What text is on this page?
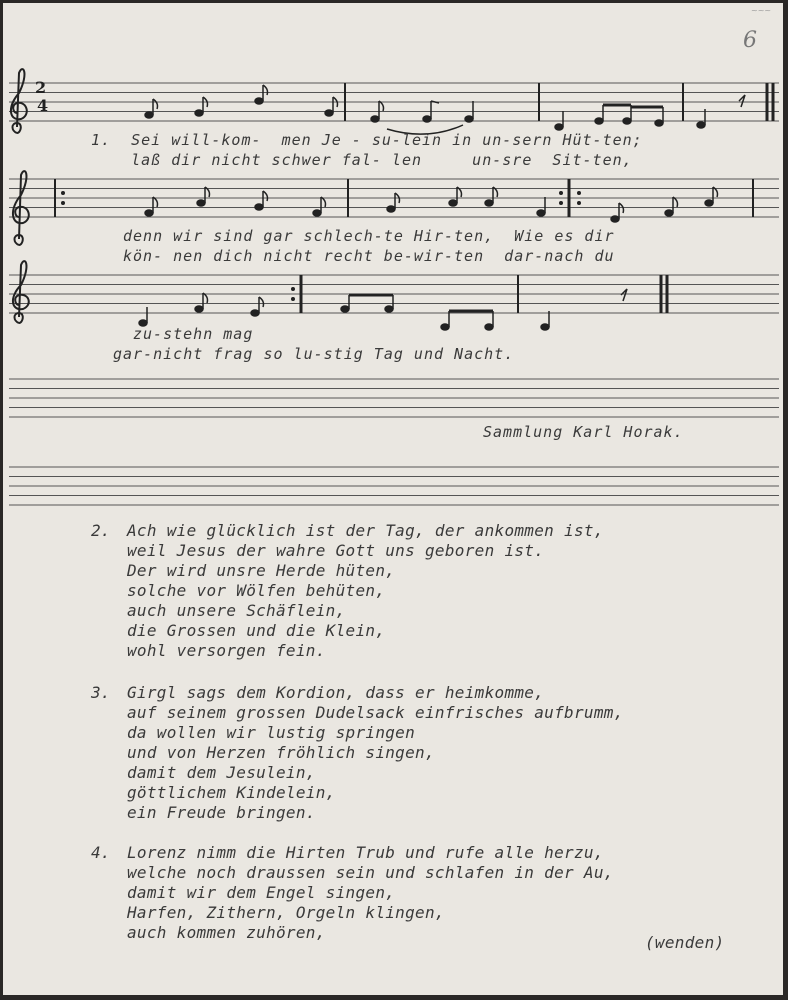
~~~
6
2
4

1.  Sei will-kom-  men Je - su-lein in un-sern Hüt-ten;

laß dir nicht schwer fal- len     un-sre  Sit-ten,

denn wir sind gar schlech-te Hir-ten,  Wie es dir

kön- nen dich nicht recht be-wir-ten  dar-nach du

zu-stehn mag

gar-nicht frag so lu-stig Tag und Nacht.

Sammlung Karl Horak.

2. Ach wie glücklich ist der Tag, der ankommen ist,

weil Jesus der wahre Gott uns geboren ist.

Der wird unsre Herde hüten,

solche vor Wölfen behüten,

auch unsere Schäflein,

die Grossen und die Klein,

wohl versorgen fein.

3. Girgl sags dem Kordion, dass er heimkomme,

auf seinem grossen Dudelsack einfrisches aufbrumm,

da wollen wir lustig springen

und von Herzen fröhlich singen,

damit dem Jesulein,

göttlichem Kindelein,

ein Freude bringen.

4. Lorenz nimm die Hirten Trub und rufe alle herzu,

welche noch draussen sein und schlafen in der Au,

damit wir dem Engel singen,

Harfen, Zithern, Orgeln klingen,

auch kommen zuhören,

(wenden)
